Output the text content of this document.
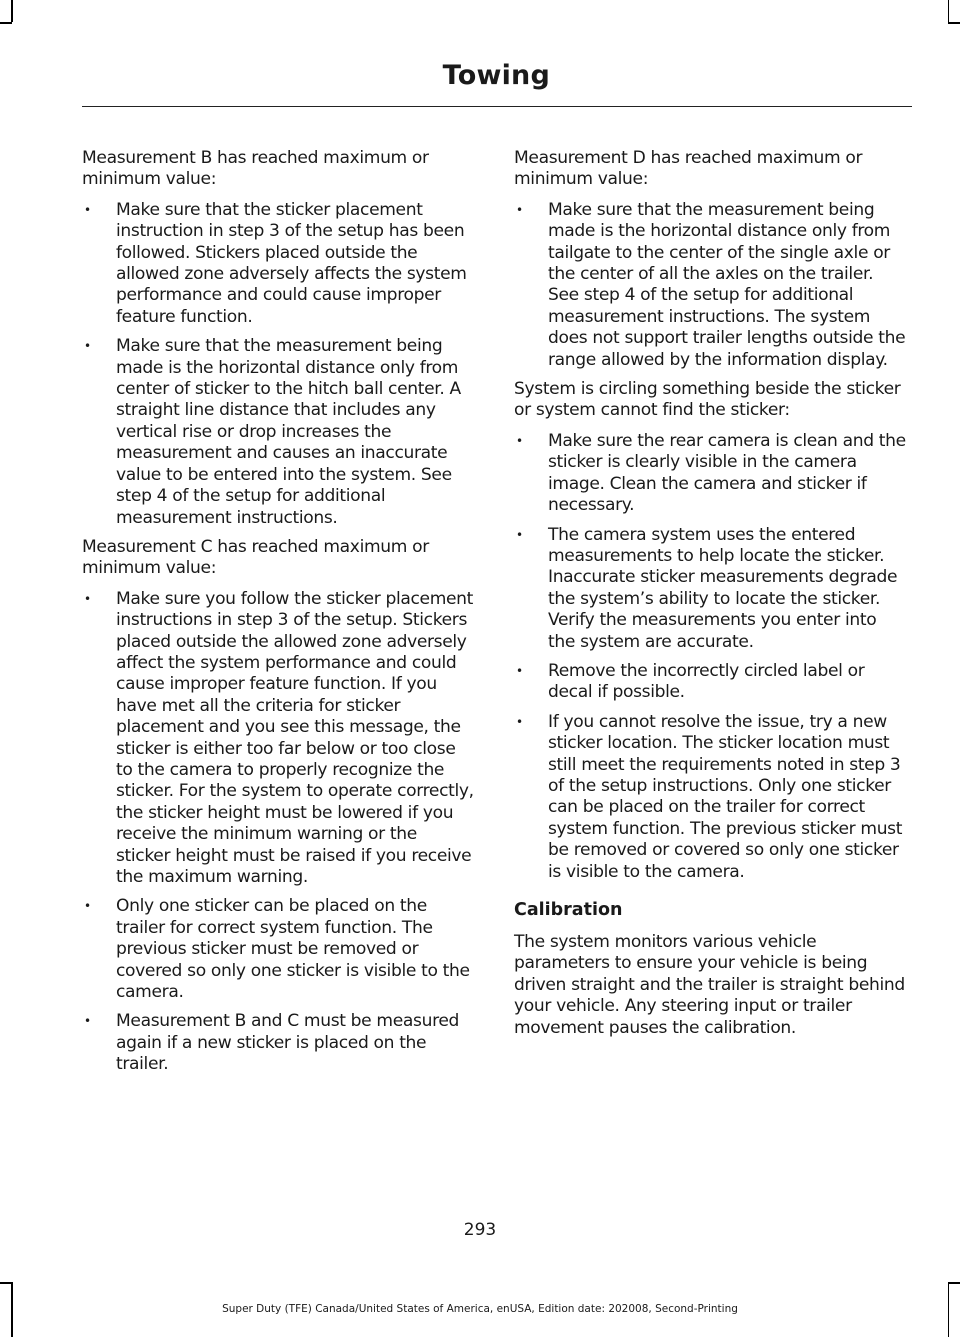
Towing

Measurement B has reached maximum or minimum value:

• Make sure that the sticker placement instruction in step 3 of the setup has been followed. Stickers placed outside the allowed zone adversely affects the system performance and could cause improper feature function.
• Make sure that the measurement being made is the horizontal distance only from center of sticker to the hitch ball center. A straight line distance that includes any vertical rise or drop increases the measurement and causes an inaccurate value to be entered into the system. See step 4 of the setup for additional measurement instructions.

Measurement C has reached maximum or minimum value:

• Make sure you follow the sticker placement instructions in step 3 of the setup. Stickers placed outside the allowed zone adversely affect the system performance and could cause improper feature function. If you have met all the criteria for sticker placement and you see this message, the sticker is either too far below or too close to the camera to properly recognize the sticker. For the system to operate correctly, the sticker height must be lowered if you receive the minimum warning or the sticker height must be raised if you receive the maximum warning.
• Only one sticker can be placed on the trailer for correct system function. The previous sticker must be removed or covered so only one sticker is visible to the camera.
• Measurement B and C must be measured again if a new sticker is placed on the trailer.

Measurement D has reached maximum or minimum value:

• Make sure that the measurement being made is the horizontal distance only from tailgate to the center of the single axle or the center of all the axles on the trailer. See step 4 of the setup for additional measurement instructions. The system does not support trailer lengths outside the range allowed by the information display.

System is circling something beside the sticker or system cannot find the sticker:

• Make sure the rear camera is clean and the sticker is clearly visible in the camera image. Clean the camera and sticker if necessary.
• The camera system uses the entered measurements to help locate the sticker. Inaccurate sticker measurements degrade the system’s ability to locate the sticker. Verify the measurements you enter into the system are accurate.
• Remove the incorrectly circled label or decal if possible.
• If you cannot resolve the issue, try a new sticker location. The sticker location must still meet the requirements noted in step 3 of the setup instructions. Only one sticker can be placed on the trailer for correct system function. The previous sticker must be removed or covered so only one sticker is visible to the camera.
Calibration

The system monitors various vehicle parameters to ensure your vehicle is being driven straight and the trailer is straight behind your vehicle. Any steering input or trailer movement pauses the calibration.

293
Super Duty (TFE) Canada/United States of America, enUSA, Edition date: 202008, Second-Printing
